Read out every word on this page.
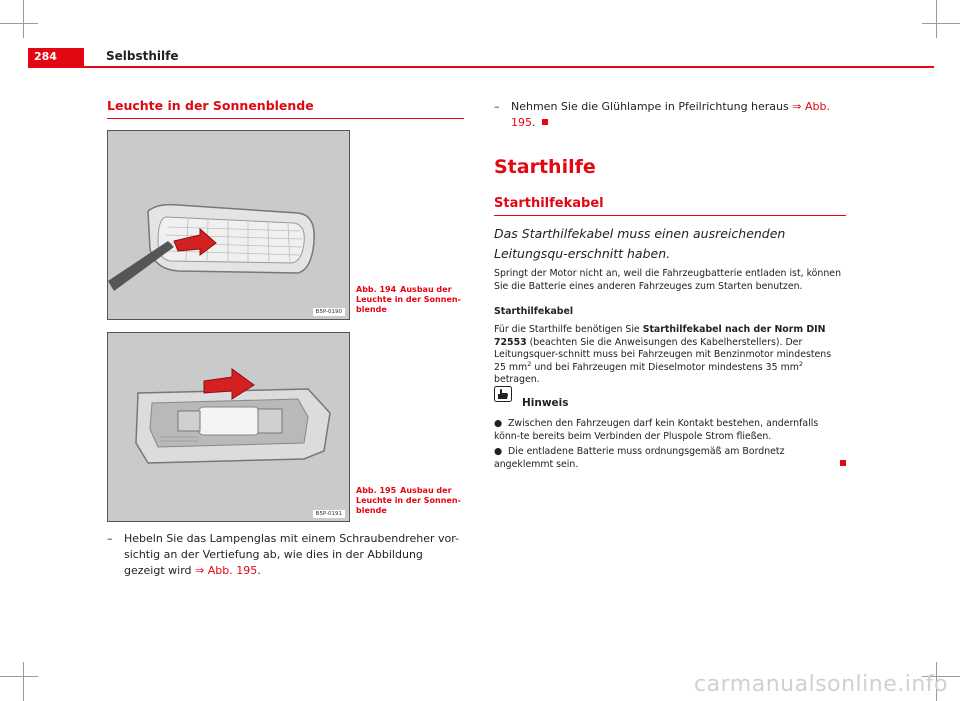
284	Selbsthilfe
Leuchte in der Sonnenblende
B5P-0190
Abb. 194 Ausbau der Leuchte in der Sonnen-blende
B5P-0191
Abb. 195 Ausbau der Leuchte in der Sonnen-blende
–	Hebeln Sie das Lampenglas mit einem Schraubendreher vor-sichtig an der Vertiefung ab, wie dies in der Abbildung gezeigt wird ⇒ Abb. 195.
–	Nehmen Sie die Glühlampe in Pfeilrichtung heraus ⇒ Abb. 195.
Starthilfe
Starthilfekabel
Das Starthilfekabel muss einen ausreichenden Leitungsqu-erschnitt haben.
Springt der Motor nicht an, weil die Fahrzeugbatterie entladen ist, können Sie die Batterie eines anderen Fahrzeuges zum Starten benutzen.
Starthilfekabel
Für die Starthilfe benötigen Sie Starthilfekabel nach der Norm DIN 72553 (beachten Sie die Anweisungen des Kabelherstellers). Der Leitungsquer-schnitt muss bei Fahrzeugen mit Benzinmotor mindestens 25 $mm^2$ und bei Fahrzeugen mit Dieselmotor mindestens 35 $mm^2$ betragen.
Hinweis
● Zwischen den Fahrzeugen darf kein Kontakt bestehen, andernfalls könn-te bereits beim Verbinden der Pluspole Strom fließen.
● Die entladene Batterie muss ordnungsgemäß am Bordnetz angeklemmt sein.
carmanualsonline.info
